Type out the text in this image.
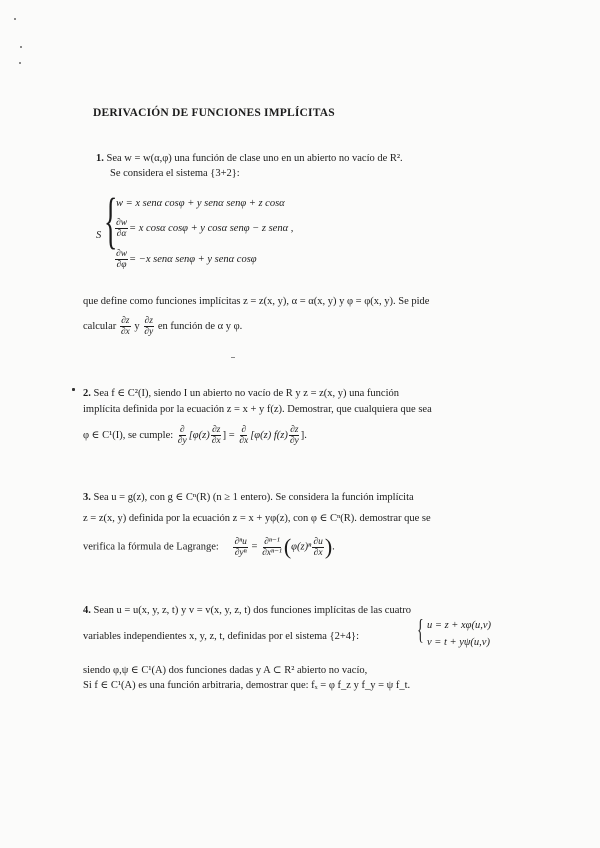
DERIVACIÓN DE FUNCIONES IMPLÍCITAS
1. Sea w = w(α,φ) una función de clase uno en un abierto no vacío de R².
Se considera el sistema {3+2}:
S {
w = x senα cosφ + y senα senφ + z cosα
$\frac{\partial w}{\partial\alpha} = x$ cosα cosφ + y cosα senφ − z senα ,
$\frac{\partial w}{\partial\varphi} = -x$ senα senφ + y senα cosφ
que define como funciones implícitas z = z(x, y), α = α(x, y) y φ = φ(x, y). Se pide
calcular $\frac{\partial z}{\partial x}$ y $\frac{\partial z}{\partial y}$ en función de α y φ.
2. Sea f ∈ C²(I), siendo I un abierto no vacío de R y z = z(x, y) una función
implícita definida por la ecuación z = x + y f(z). Demostrar, que cualquiera que sea
φ ∈ C¹(I), se cumple: $\frac{\partial}{\partial y} [\varphi(z) \frac{\partial z}{\partial x}$ ] = $\frac{\partial}{\partial x} [\varphi(z)$ $f(z) \frac{\partial z}{\partial y}$ ].
3. Sea u = g(z), con g ∈ Cⁿ(R) (n ≥ 1 entero). Se considera la función implícita
z = z(x, y) definida por la ecuación z = x + yφ(z), con φ ∈ Cⁿ(R). demostrar que se
verifica la fórmula de Lagrange: $\frac{\text{∂ⁿu}}{\text{∂yⁿ}} = \frac{\text{∂ⁿ⁻¹}}{\text{∂xⁿ⁻¹}} (\varphi(z)^n \frac{\partial u}{\partial x}$ ).
4. Sean u = u(x, y, z, t) y v = v(x, y, z, t) dos funciones implícitas de las cuatro
variables independientes x, y, z, t, definidas por el sistema {2+4}: { u = z + xφ(u,v)
v = t + yψ(u,v)
siendo φ,ψ ∈ C¹(A) dos funciones dadas y A ⊂ R² abierto no vacío,
Si f ∈ C¹(A) es una función arbitraria, demostrar que: fₓ = φ f_z y f_y = ψ f_t.
